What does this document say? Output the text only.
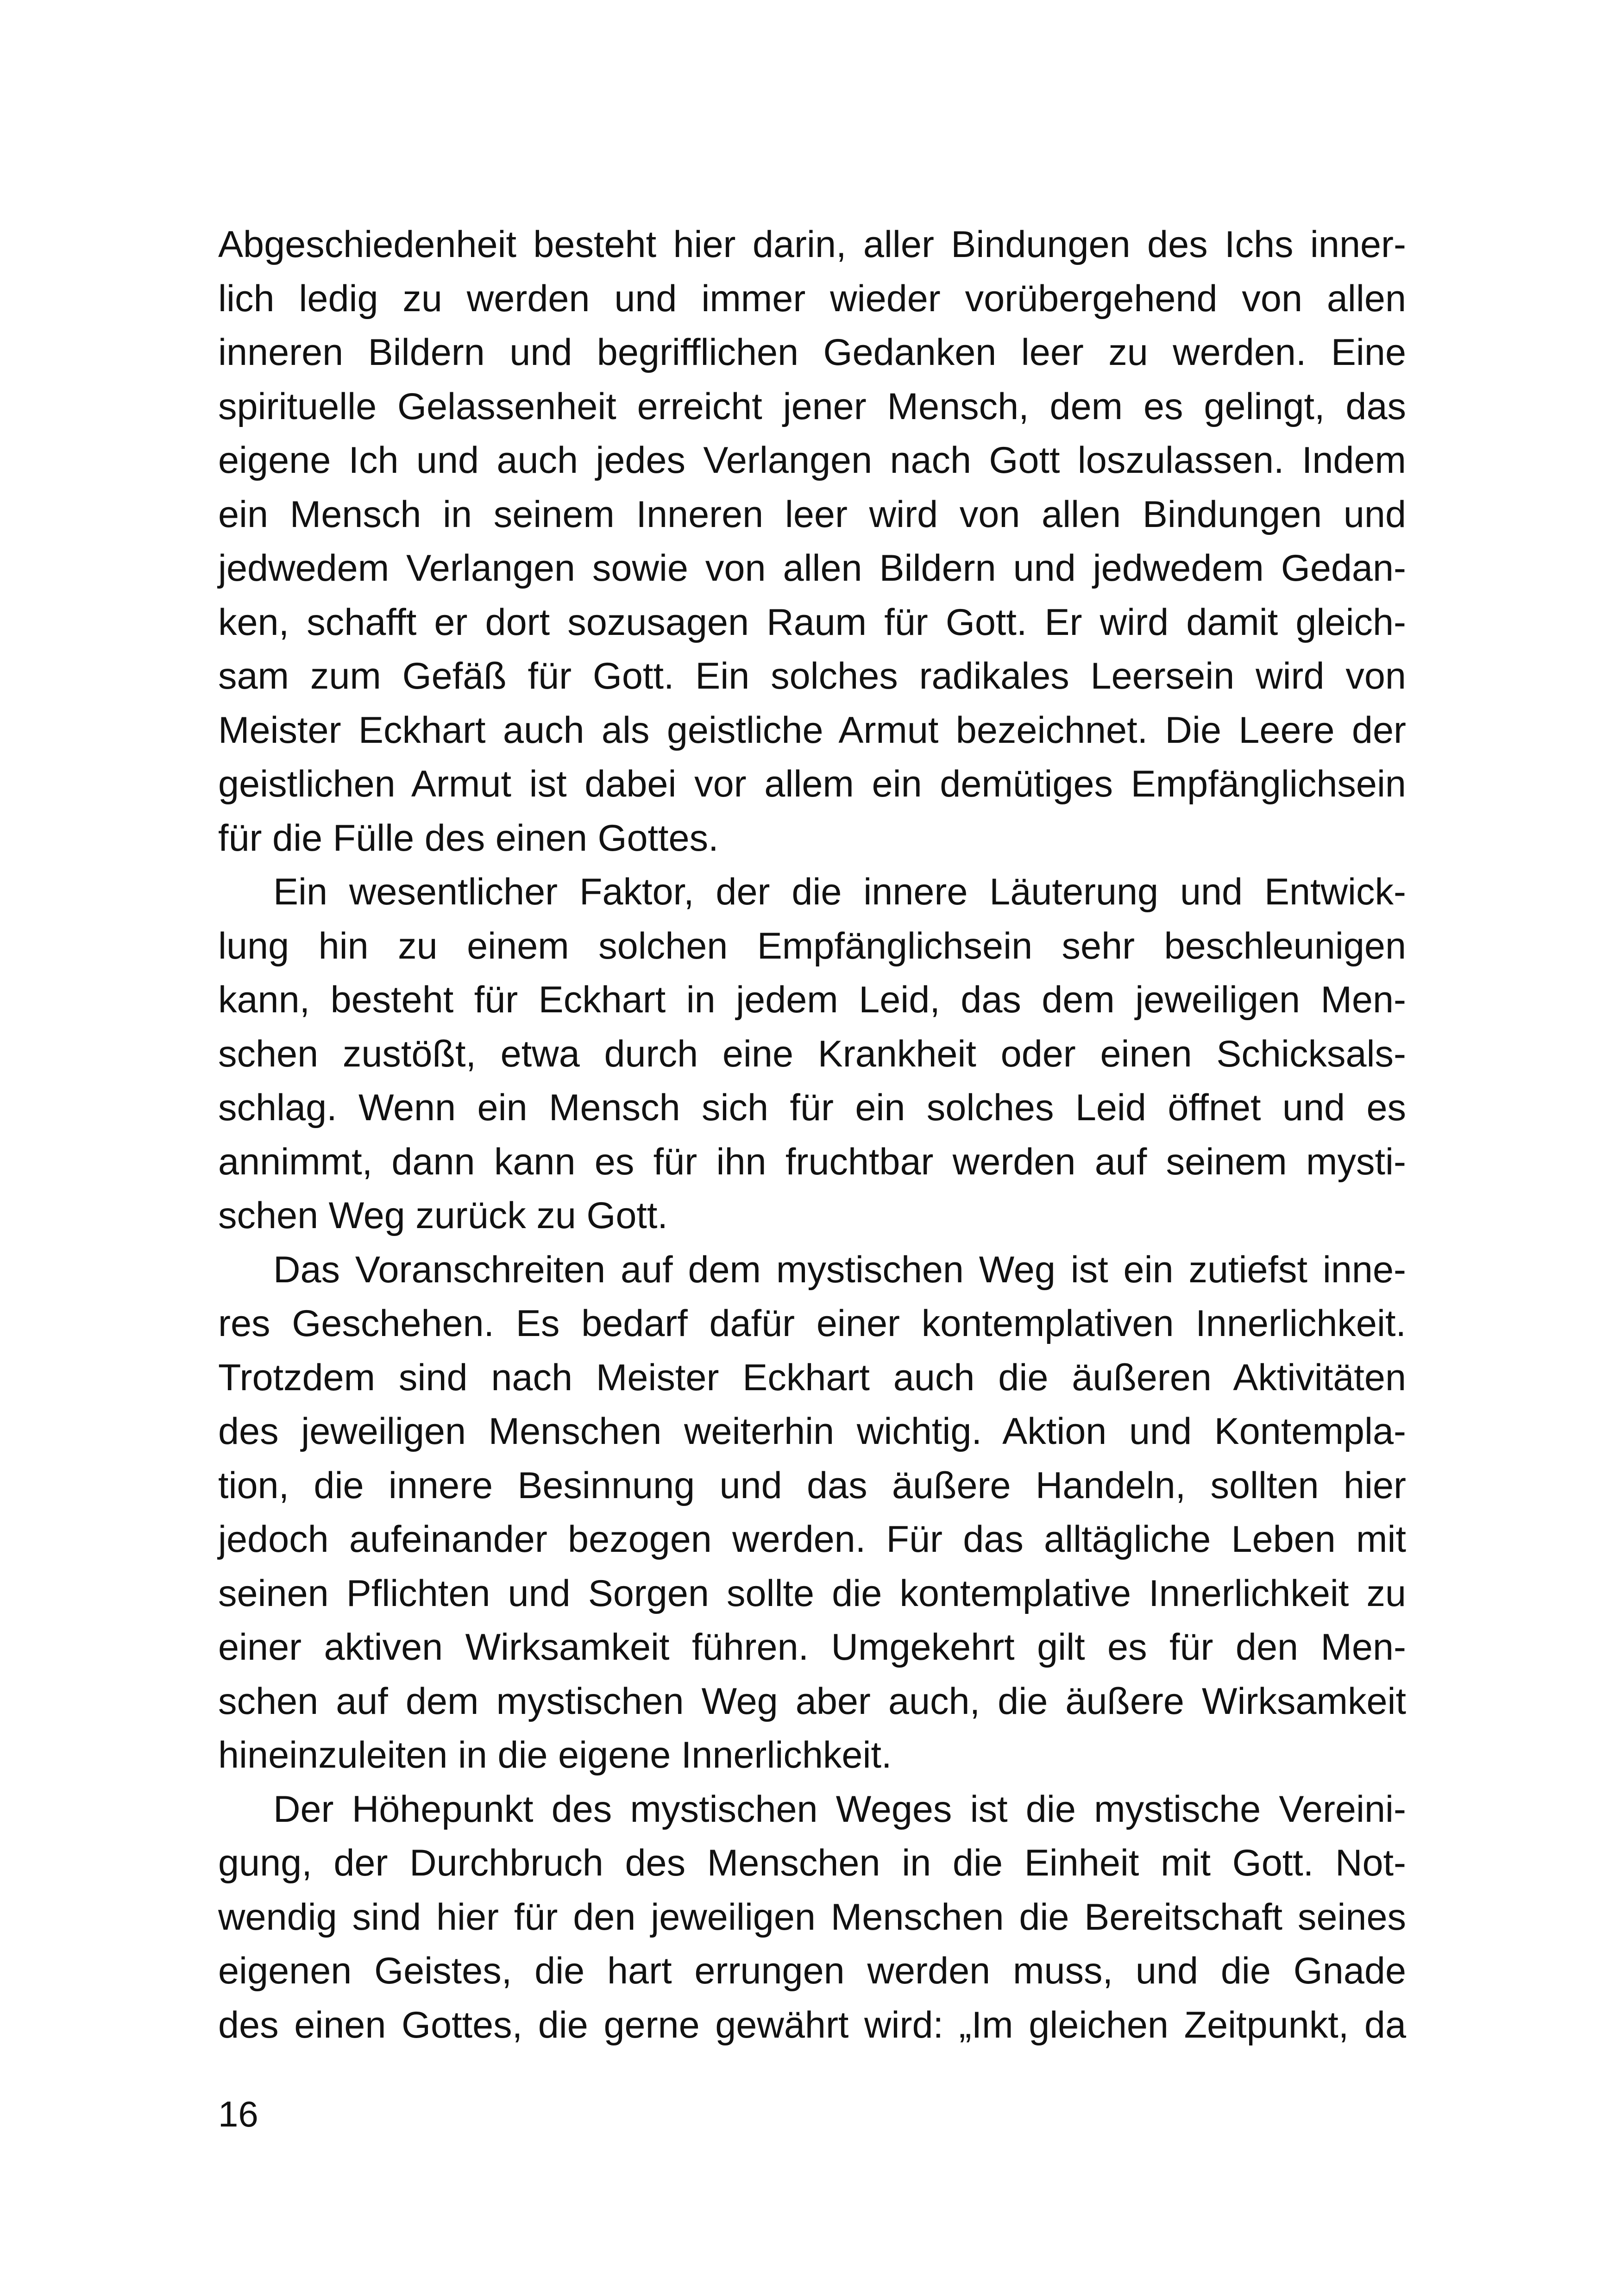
Abgeschiedenheit besteht hier darin, aller Bindungen des Ichs inner-
lich ledig zu werden und immer wieder vorübergehend von allen
inneren Bildern und begrifflichen Gedanken leer zu werden. Eine
spirituelle Gelassenheit erreicht jener Mensch, dem es gelingt, das
eigene Ich und auch jedes Verlangen nach Gott loszulassen. Indem
ein Mensch in seinem Inneren leer wird von allen Bindungen und
jedwedem Verlangen sowie von allen Bildern und jedwedem Gedan-
ken, schafft er dort sozusagen Raum für Gott. Er wird damit gleich-
sam zum Gefäß für Gott. Ein solches radikales Leersein wird von
Meister Eckhart auch als geistliche Armut bezeichnet. Die Leere der
geistlichen Armut ist dabei vor allem ein demütiges Empfänglichsein
für die Fülle des einen Gottes.
Ein wesentlicher Faktor, der die innere Läuterung und Entwick-
lung hin zu einem solchen Empfänglichsein sehr beschleunigen
kann, besteht für Eckhart in jedem Leid, das dem jeweiligen Men-
schen zustößt, etwa durch eine Krankheit oder einen Schicksals-
schlag. Wenn ein Mensch sich für ein solches Leid öffnet und es
annimmt, dann kann es für ihn fruchtbar werden auf seinem mysti-
schen Weg zurück zu Gott.
Das Voranschreiten auf dem mystischen Weg ist ein zutiefst inne-
res Geschehen. Es bedarf dafür einer kontemplativen Innerlichkeit.
Trotzdem sind nach Meister Eckhart auch die äußeren Aktivitäten
des jeweiligen Menschen weiterhin wichtig. Aktion und Kontempla-
tion, die innere Besinnung und das äußere Handeln, sollten hier
jedoch aufeinander bezogen werden. Für das alltägliche Leben mit
seinen Pflichten und Sorgen sollte die kontemplative Innerlichkeit zu
einer aktiven Wirksamkeit führen. Umgekehrt gilt es für den Men-
schen auf dem mystischen Weg aber auch, die äußere Wirksamkeit
hineinzuleiten in die eigene Innerlichkeit.
Der Höhepunkt des mystischen Weges ist die mystische Vereini-
gung, der Durchbruch des Menschen in die Einheit mit Gott. Not-
wendig sind hier für den jeweiligen Menschen die Bereitschaft seines
eigenen Geistes, die hart errungen werden muss, und die Gnade
des einen Gottes, die gerne gewährt wird: „Im gleichen Zeitpunkt, da
16
